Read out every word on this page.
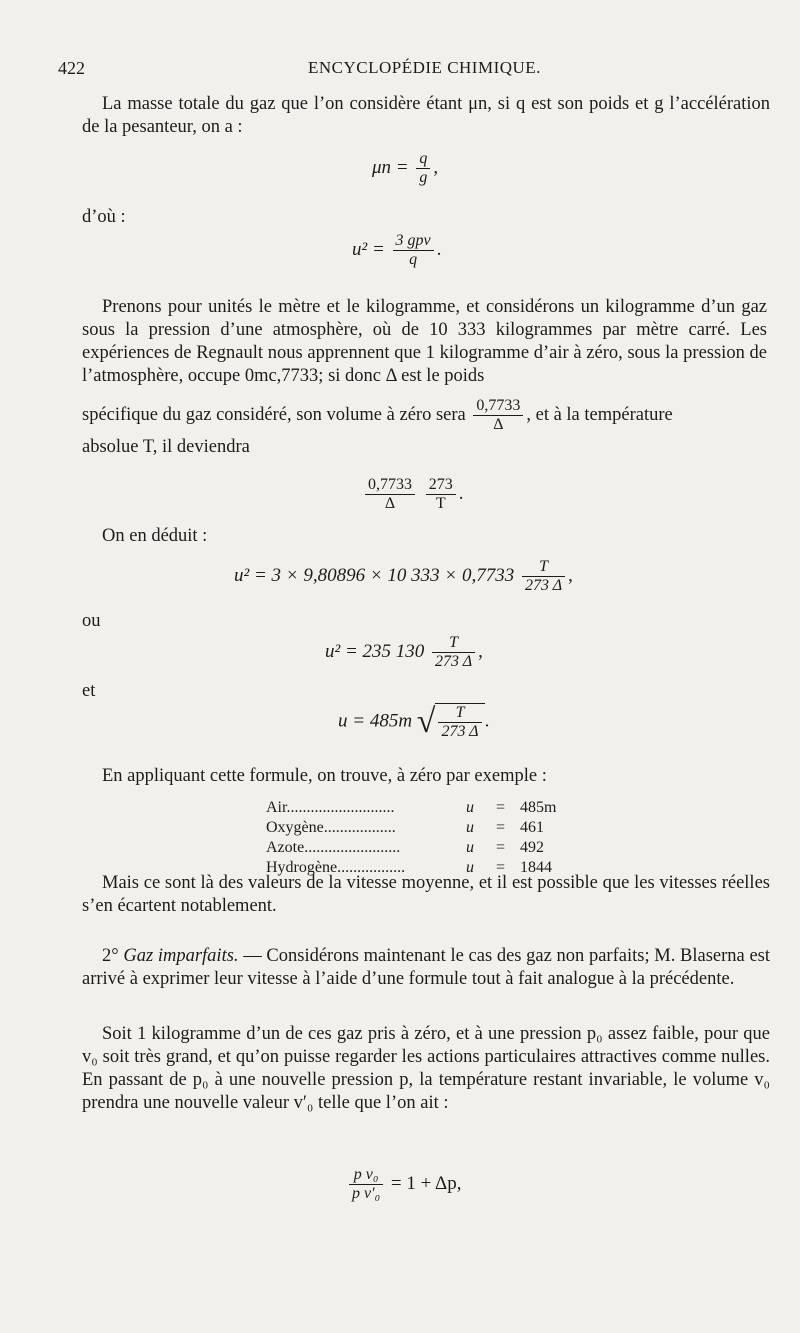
422	ENCYCLOPÉDIE CHIMIQUE.
La masse totale du gaz que l’on considère étant μn, si q est son poids et g l’accélération de la pesanteur, on a :
$\mu n = \frac{q}{g}$ ,
d’où :
$u^2 = \frac{\text{3 gpv}}{q}$ .
Prenons pour unités le mètre et le kilogramme, et considérons un kilogramme d’un gaz sous la pression d’une atmosphère, où de 10 333 kilogrammes par mètre carré. Les expériences de Regnault nous apprennent que 1 kilogramme d’air à zéro, sous la pression de l’atmosphère, occupe 0mc,7733; si donc Δ est le poids
spécifique du gaz considéré, son volume à zéro sera $\frac{0,7733}{\Delta}$ , et à la température
absolue T, il deviendra
$\frac{0,7733}{\Delta}$
$\frac{273}{T}$ .
On en déduit :
u² = 3 × 9,80896 × 10 $333 \times 0,7733 \frac{T}{273 \Delta}$ ,
ou
u² = 235 $130 \frac{T}{273 \Delta}$ ,
et
u = 485m √ $\frac{T}{273 \Delta}$ .
En appliquant cette formule, on trouve, à zéro par exemple :
Air...........................	u	=	485m
Oxygène..................	u	=	461
Azote........................	u	=	492
Hydrogène.................	u	=	1844
Mais ce sont là des valeurs de la vitesse moyenne, et il est possible que les vitesses réelles s’en écartent notablement.
2° Gaz imparfaits. — Considérons maintenant le cas des gaz non parfaits; M. Blaserna est arrivé à exprimer leur vitesse à l’aide d’une formule tout à fait analogue à la précédente.
Soit 1 kilogramme d’un de ces gaz pris à zéro, et à une pression p₀ assez faible, pour que v₀ soit très grand, et qu’on puisse regarder les actions particulaires attractives comme nulles. En passant de p₀ à une nouvelle pression p, la température restant invariable, le volume v₀ prendra une nouvelle valeur v′₀ telle que l’on ait :
$\frac{\text{p v₀}}{\text{p v′₀}} = 1 + \Delta p$,
